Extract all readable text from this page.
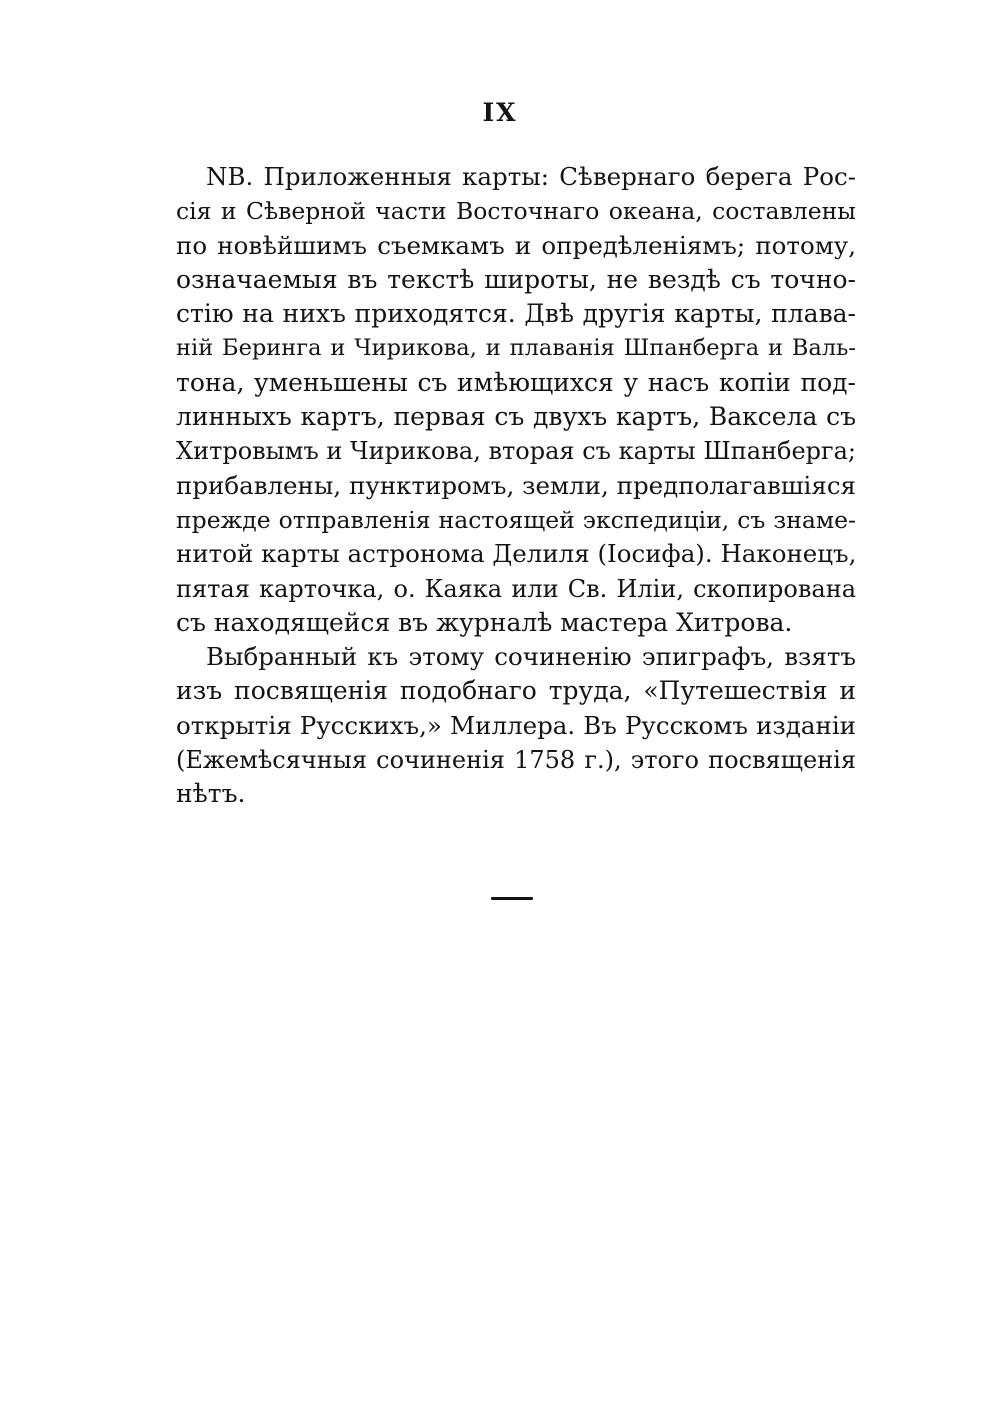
IX
NB. Приложенныя карты: Сѣвернаго берега Рос-
сія и Сѣверной части Восточнаго океана, составлены
по новѣйшимъ съемкамъ и опредѣленіямъ; потому,
означаемыя въ текстѣ широты, не вездѣ съ точно-
стію на нихъ приходятся. Двѣ другія карты, плава-
ній Беринга и Чирикова, и плаванія Шпанберга и Валь-
тона, уменьшены съ имѣющихся у насъ копіи под-
линныхъ картъ, первая съ двухъ картъ, Ваксела съ
Хитровымъ и Чирикова, вторая съ карты Шпанберга;
прибавлены, пунктиромъ, земли, предполагавшіяся
прежде отправленія настоящей экспедиціи, съ знаме-
нитой карты астронома Делиля (Іосифа). Наконецъ,
пятая карточка, о. Каяка или Св. Иліи, скопирована
съ находящейся въ журналѣ мастера Хитрова.
Выбранный къ этому сочиненію эпиграфъ, взятъ
изъ посвященія подобнаго труда, «Путешествія и
открытія Русскихъ,» Миллера. Въ Русскомъ изданіи
(Ежемѣсячныя сочиненія 1758 г.), этого посвященія
нѣтъ.
